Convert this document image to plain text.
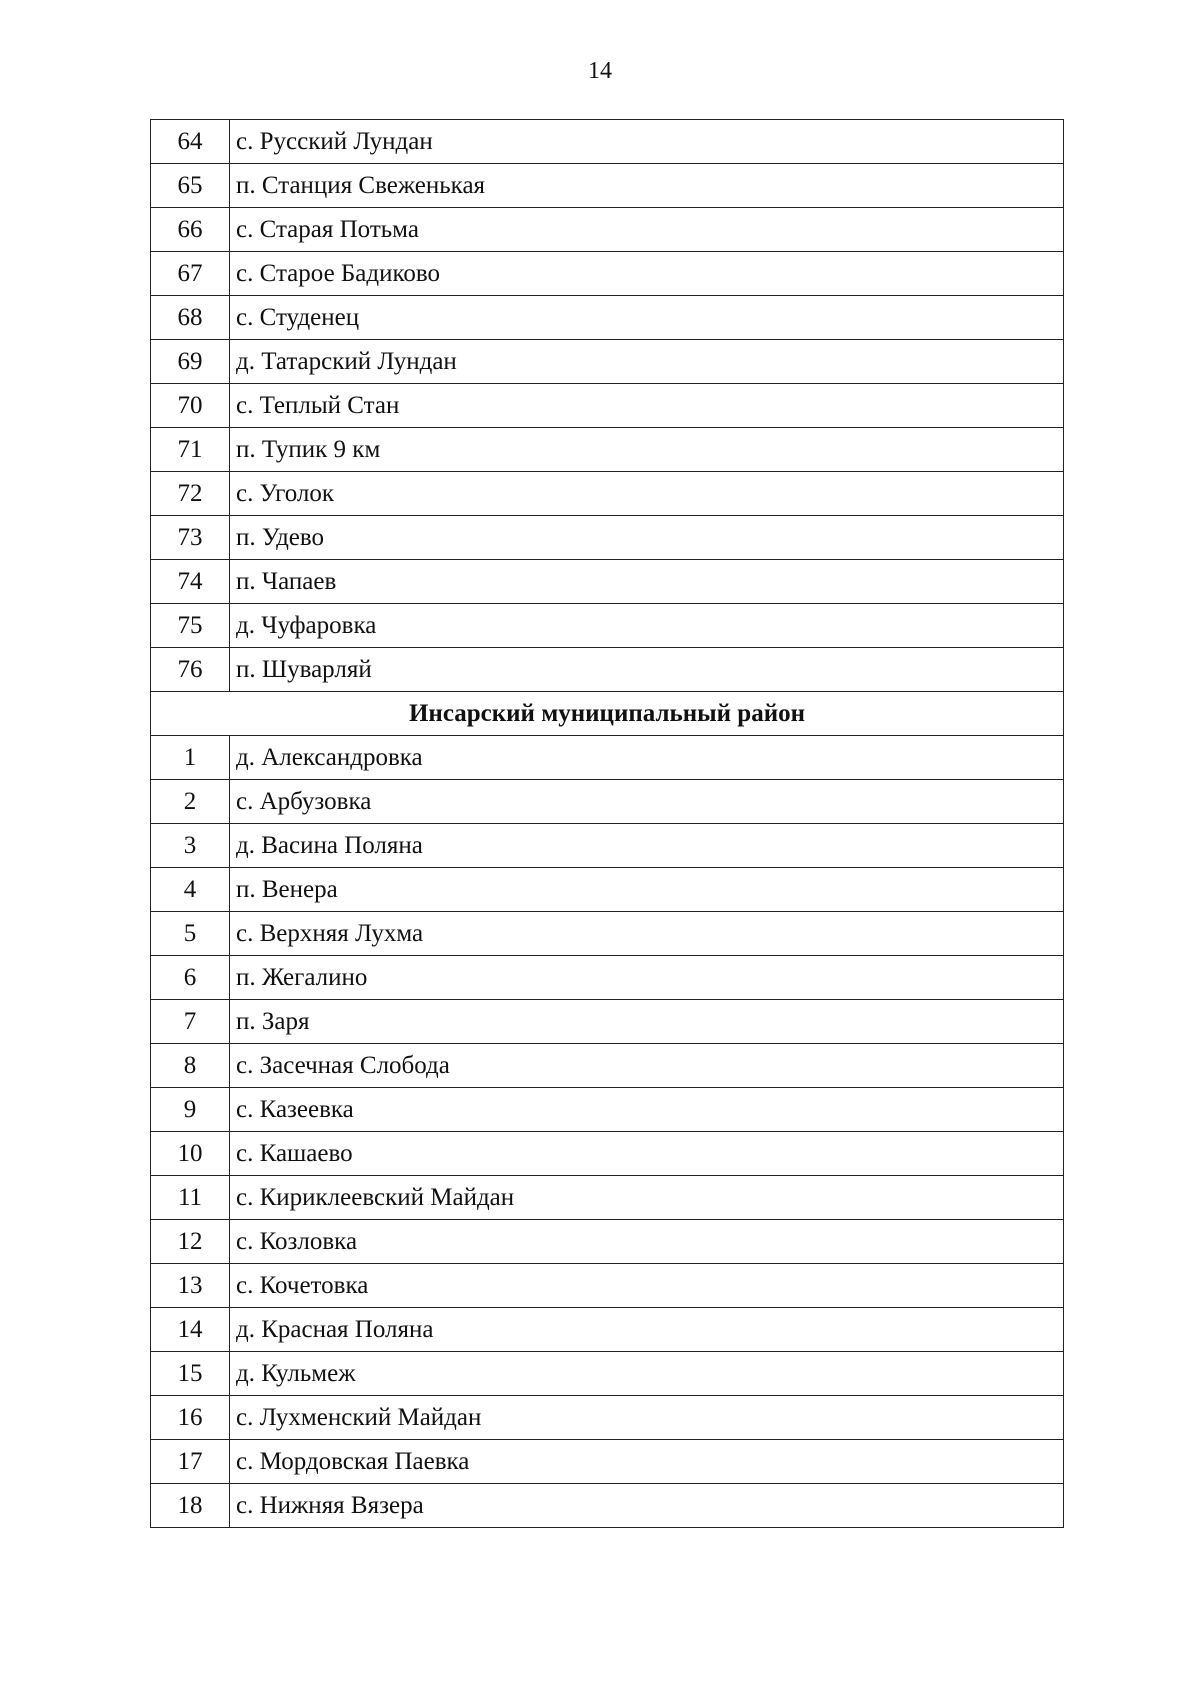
14
64	с. Русский Лундан
65	п. Станция Свеженькая
66	с. Старая Потьма
67	с. Старое Бадиково
68	с. Студенец
69	д. Татарский Лундан
70	с. Теплый Стан
71	п. Тупик 9 км
72	с. Уголок
73	п. Удево
74	п. Чапаев
75	д. Чуфаровка
76	п. Шуварляй
Инсарский муниципальный район	
1	д. Александровка
2	с. Арбузовка
3	д. Васина Поляна
4	п. Венера
5	с. Верхняя Лухма
6	п. Жегалино
7	п. Заря
8	с. Засечная Слобода
9	с. Казеевка
10	с. Кашаево
11	с. Кириклеевский Майдан
12	с. Козловка
13	с. Кочетовка
14	д. Красная Поляна
15	д. Кульмеж
16	с. Лухменский Майдан
17	с. Мордовская Паевка
18	с. Нижняя Вязера
